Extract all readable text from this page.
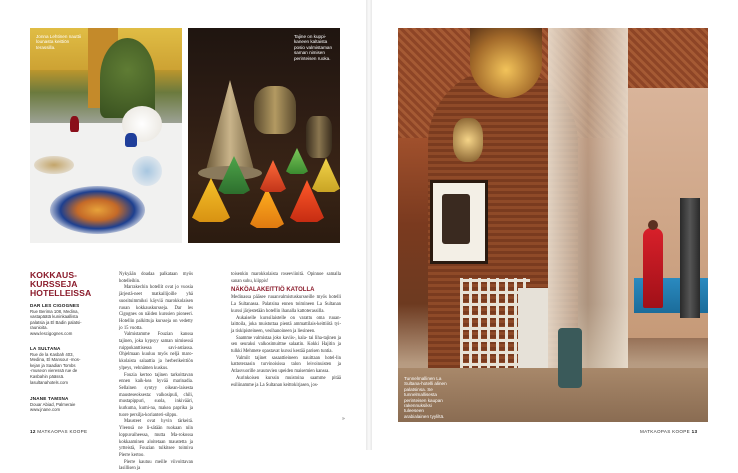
Jonna Lehtinen nauttii lounasta keittiön terassilla.
Tajine on kuppi-kaneen kaltaista posio valmistaman saman nimisen perinteisen ruoka.
Tunnelmallinen La Sultana-hotelli alinen palatsinsa. Se tunnelmallisesta perinteisen kaupan rakennuksiksi tuleeseen arabialainen tyyliltä.
KOKKAUS-KURSSEJA HOTELLEISSA
DAR LES CIGOGNES
Rue Berima 108, Medina, vastapäätä kuninkaallista
palatsia ja El Badin palatsi-
raunioita.
www.lescigognes.com
LA SULTANA
Rue de la Kasbah 403,
Medina, El Mansour -mos-
kejan ja Saadian Tombs
-museon vieressä rue de
Kasbahin päässä.
lasultanahotels.com
JNANE TAMSNA
Douar Abiad, Palmeraie
www.jnane.com

Nykyään doadaa palkataan myös hotelleihin.

Marrakechin hotellit ovat jo vuosia järjestä-neet matkailijoille yhä suosituimmiksi käyviä marokkolaisen ruoan kokkauskursseja. Dar les Cigognes on näiden kurssien pioneeri. Hotellin palkittuja kursseja on vedetty jo 15 vuotta.

Valmistamme Fouzian kanssa tajinen, joka kypsyy saman nimisessä ruippokanttisessa savi-astiassa. Ohjelmaan kuuluu myös neljä maro-kkolaista salaattia ja herberikeittiön ylpeys, vehnämen kuskus.

Fouzia kertoo tajinen tarkoittavan ennen kaik-kea hyvää marinadia. Sellainen syntyy oikean-laisesta mausteseoksesta: valkosipuli, chili, mustapippuri, suola, inkivääri, kurkuma, kumi-na, makea paprika ja tuore persilja-korianteri-silppu.

Mausteet ovat hyvin tärkeitä. Yleensä ne li-sätään ruokaan niin loppuvaiheessa, mutta Ma-rokossa kokkaaminen aloitetaan maustetta ja yrtteistä, Fouzian tulkitsee toimiva Pierre kertoo.

Pierre kautuu meille viivoittavan lasillisen ja

toisenkin marokkolaista roseeviinitä. Opinnoe samalla sanan suhu, kiippis!

NÄKÖALAKEITTIÖ KATOLLA

Medinassa pääsee ruuanvalmistuskursseille myös hotelli La Sultanassa. Palatsina ennen toimineen La Sultanan kurssi järjestetään hotellin ihanalla kattoterassilla.

Aukaiselle kurssilaistelle on varattu oma ruuan-laittoila, joka muistuttaa pientä ammattilais-keittiötä tyi- ja tiskipisteineen, vesihanoineen ja liesineen.

Saamme valmistaa joko kaviis-, kala- tai liha-tajinen ja sen seuraksi valkosimuittne salaatin. Kokki Hajitin ja tulkki Mehmete opastavat kurssi kestää parisen tuntia.

Valmiit tajinet sasaattieineen nauittaan hotel-lin kattoteraasin turvinoisissa talon leivoinuisten ja Atlasvuorille avautuvien upeiden maisemien kanssa.

Aurinkoisen kurssin muistoina saamme pitää esiliinamme ja La Sultanan keittokirjasen, jos-

»
12 MATKAOPAS KOOPE	MATKAOPAS KOOPE 13
